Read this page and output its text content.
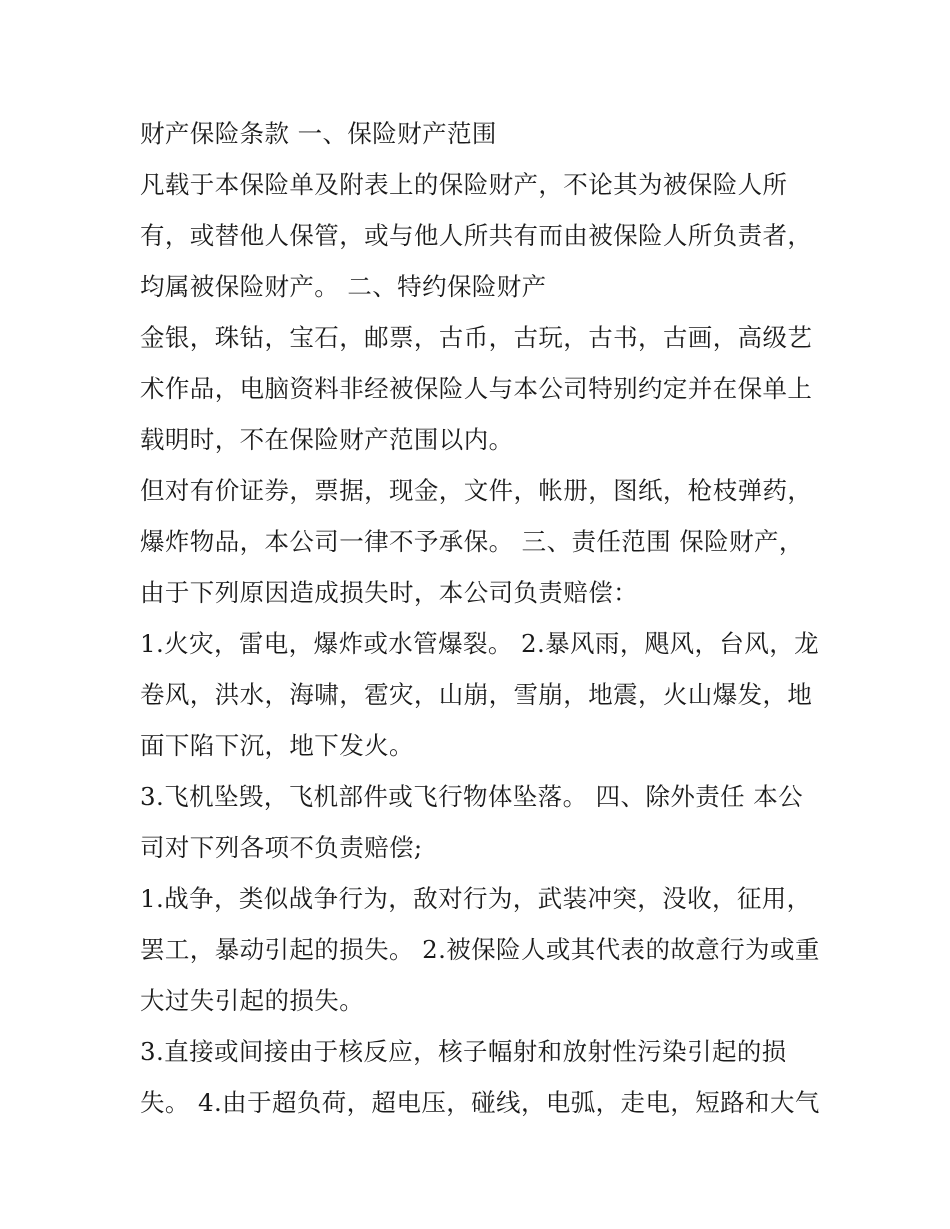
财产保险条款 一、保险财产范围
凡载于本保险单及附表上的保险财产，不论其为被保险人所
有，或替他人保管，或与他人所共有而由被保险人所负责者，
均属被保险财产。 二、特约保险财产
金银，珠钻，宝石，邮票，古币，古玩，古书，古画，高级艺
术作品，电脑资料非经被保险人与本公司特别约定并在保单上
载明时，不在保险财产范围以内。
但对有价证券，票据，现金，文件，帐册，图纸，枪枝弹药，
爆炸物品，本公司一律不予承保。 三、责任范围 保险财产，
由于下列原因造成损失时，本公司负责赔偿：
1.火灾，雷电，爆炸或水管爆裂。 2.暴风雨，飓风，台风，龙
卷风，洪水，海啸，雹灾，山崩，雪崩，地震，火山爆发，地
面下陷下沉，地下发火。
3.飞机坠毁，飞机部件或飞行物体坠落。 四、除外责任 本公
司对下列各项不负责赔偿;
1.战争，类似战争行为，敌对行为，武装冲突，没收，征用，
罢工，暴动引起的损失。 2.被保险人或其代表的故意行为或重
大过失引起的损失。
3.直接或间接由于核反应，核子幅射和放射性污染引起的损
失。 4.由于超负荷，超电压，碰线，电弧，走电，短路和大气
